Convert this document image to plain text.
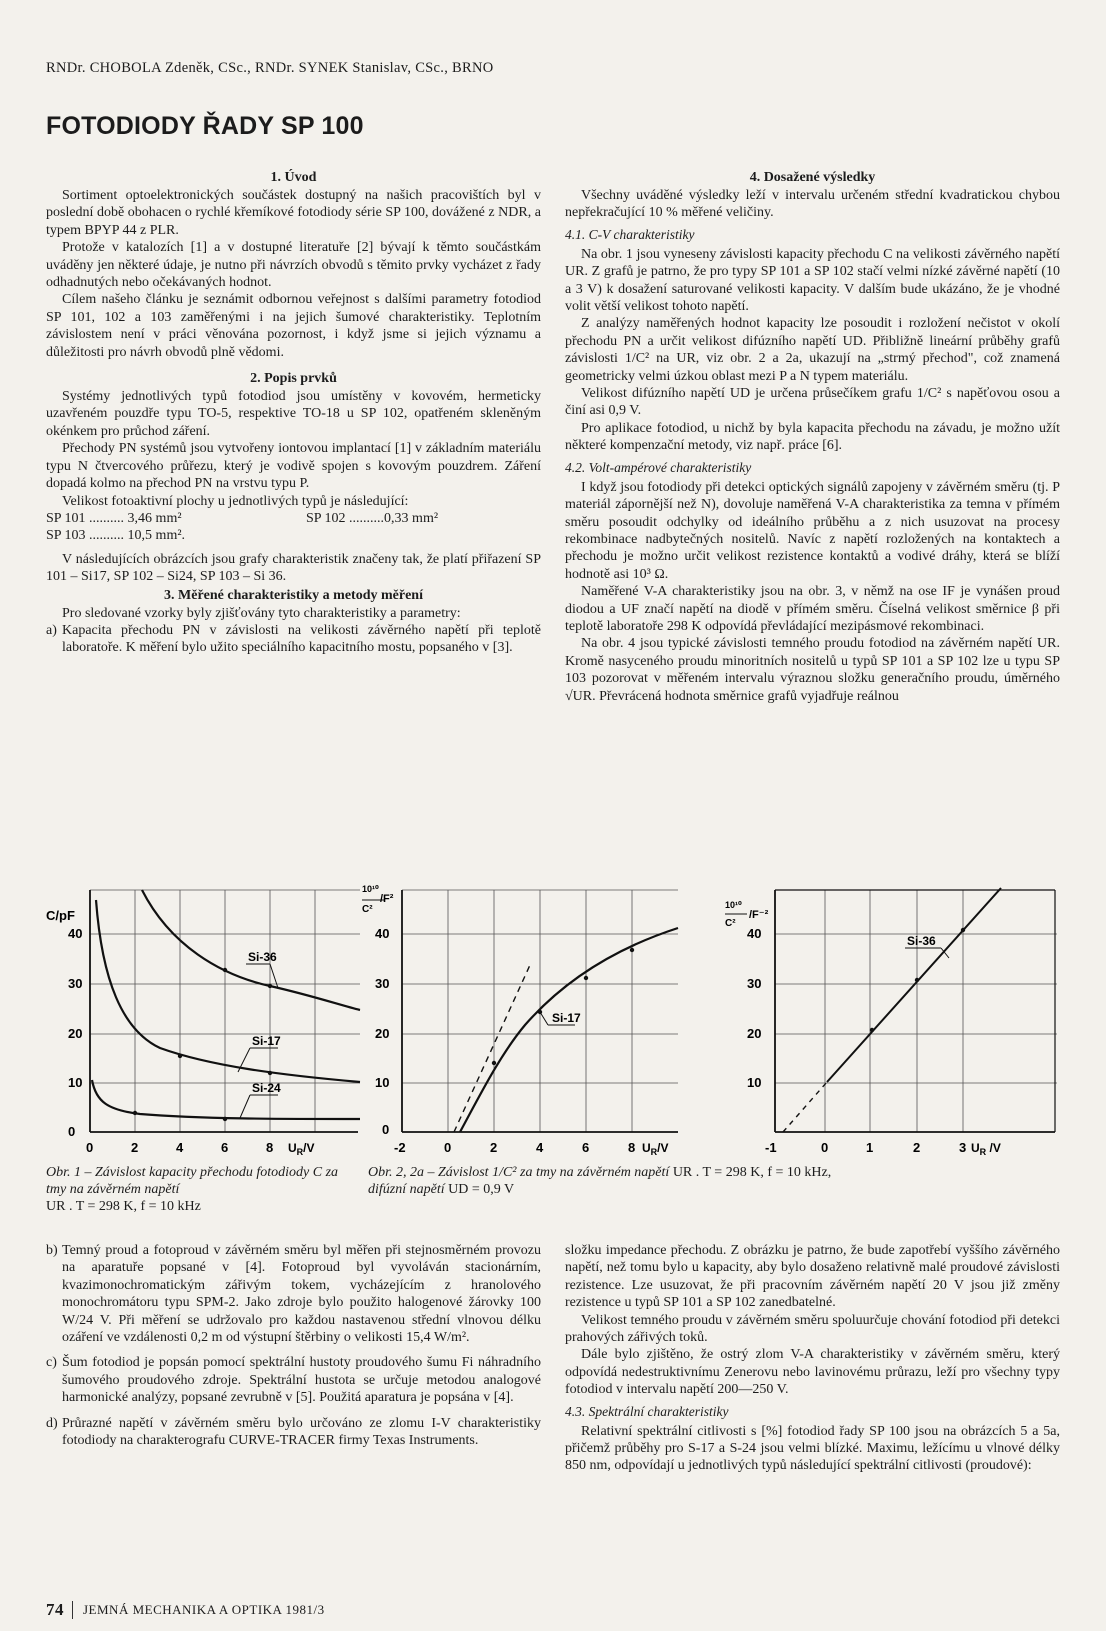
RNDr. CHOBOLA Zdeněk, CSc., RNDr. SYNEK Stanislav, CSc., BRNO
FOTODIODY ŘADY SP 100
1. Úvod

Sortiment optoelektronických součástek dostupný na našich pracovištích byl v poslední době obohacen o rychlé křemíkové fotodiody série SP 100, dovážené z NDR, a typem BPYP 44 z PLR.

Protože v katalozích [1] a v dostupné literatuře [2] bývají k těmto součástkám uváděny jen některé údaje, je nutno při návrzích obvodů s těmito prvky vycházet z řady odhadnutých nebo očekávaných hodnot.

Cílem našeho článku je seznámit odbornou veřejnost s dalšími parametry fotodiod SP 101, 102 a 103 zaměřenými i na jejich šumové charakteristiky. Teplotním závislostem není v práci věnována pozornost, i když jsme si jejich významu a důležitosti pro návrh obvodů plně vědomi.

2. Popis prvků

Systémy jednotlivých typů fotodiod jsou umístěny v kovovém, hermeticky uzavřeném pouzdře typu TO-5, respektive TO-18 u SP 102, opatřeném skleněným okénkem pro průchod záření.

Přechody PN systémů jsou vytvořeny iontovou implantací [1] v základním materiálu typu N čtvercového průřezu, který je vodivě spojen s kovovým pouzdrem. Záření dopadá kolmo na přechod PN na vrstvu typu P.

Velikost fotoaktivní plochy u jednotlivých typů je následující:

SP 101 .......... 3,46 mm²	SP 102 ..........0,33 mm²
SP 103 .......... 10,5 mm².

V následujících obrázcích jsou grafy charakteristik značeny tak, že platí přiřazení SP 101 – Si17, SP 102 – Si24, SP 103 – Si 36.

3. Měřené charakteristiky a metody měření

Pro sledované vzorky byly zjišťovány tyto charakteristiky a parametry:

a) Kapacita přechodu PN v závislosti na velikosti závěrného napětí při teplotě laboratoře. K měření bylo užito speciálního kapacitního mostu, popsaného v [3].

4. Dosažené výsledky

Všechny uváděné výsledky leží v intervalu určeném střední kvadratickou chybou nepřekračující 10 % měřené veličiny.

4.1. C-V charakteristiky

Na obr. 1 jsou vyneseny závislosti kapacity přechodu C na velikosti závěrného napětí UR. Z grafů je patrno, že pro typy SP 101 a SP 102 stačí velmi nízké závěrné napětí (10 a 3 V) k dosažení saturované velikosti kapacity. V dalším bude ukázáno, že je vhodné volit větší velikost tohoto napětí.

Z analýzy naměřených hodnot kapacity lze posoudit i rozložení nečistot v okolí přechodu PN a určit velikost difúzního napětí UD. Přibližně lineární průběhy grafů závislosti 1/C² na UR, viz obr. 2 a 2a, ukazují na „strmý přechod", což znamená geometricky velmi úzkou oblast mezi P a N typem materiálu.

Velikost difúzního napětí UD je určena průsečíkem grafu 1/C² s napěťovou osou a činí asi 0,9 V.

Pro aplikace fotodiod, u nichž by byla kapacita přechodu na závadu, je možno užít některé kompenzační metody, viz např. práce [6].

4.2. Volt-ampérové charakteristiky

I když jsou fotodiody při detekci optických signálů zapojeny v závěrném směru (tj. P materiál zápornější než N), dovoluje naměřená V-A charakteristika za temna v přímém směru posoudit odchylky od ideálního průběhu a z nich usuzovat na procesy rekombinace nadbytečných nositelů. Navíc z napětí rozložených na kontaktech a přechodu je možno určit velikost rezistence kontaktů a vodivé dráhy, která se blíží hodnotě asi 10³ Ω.

Naměřené V-A charakteristiky jsou na obr. 3, v němž na ose IF je vynášen proud diodou a UF značí napětí na diodě v přímém směru. Číselná velikost směrnice β při teplotě laboratoře 298 K odpovídá převládající mezipásmové rekombinaci.

Na obr. 4 jsou typické závislosti temného proudu fotodiod na závěrném napětí UR. Kromě nasyceného proudu minoritních nositelů u typů SP 101 a SP 102 lze u typu SP 103 pozorovat v měřeném intervalu výraznou složku generačního proudu, úměrného √UR. Převrácená hodnota směrnice grafů vyjadřuje reálnou

C/pF
40
30
20
10
0
0	2	4	6	8 $U_R/V$
Si-36
Si-17
Si-24
10¹⁰
C²
/F²
40
30
20
10
0
-2	0	2	4	6	8 $U_R/V$
Si-17
10¹⁰
C²
/F⁻²
40
30
20
10
-1	0	1	2	3 $U_R$ /V
Si-36
Obr. 1 – Závislost kapacity přechodu fotodiody C za tmy na závěrném napětí
UR . T = 298 K, f = 10 kHz
Obr. 2, 2a – Závislost 1/C² za tmy na závěrném napětí UR . T = 298 K, f = 10 kHz,
difúzní napětí UD = 0,9 V

b) Temný proud a fotoproud v závěrném směru byl měřen při stejnosměrném provozu na aparatuře popsané v [4]. Fotoproud byl vyvoláván stacionárním, kvazimonochromatickým zářivým tokem, vycházejícím z hranolového monochromátoru typu SPM-2. Jako zdroje bylo použito halogenové žárovky 100 W/24 V. Při měření se udržovalo pro každou nastavenou střední vlnovou délku ozáření ve vzdálenosti 0,2 m od výstupní štěrbiny o velikosti 15,4 W/m².

c) Šum fotodiod je popsán pomocí spektrální hustoty proudového šumu Fi náhradního šumového proudového zdroje. Spektrální hustota se určuje metodou analogové harmonické analýzy, popsané zevrubně v [5]. Použitá aparatura je popsána v [4].

d) Průrazné napětí v závěrném směru bylo určováno ze zlomu I-V charakteristiky fotodiody na charakterografu CURVE-TRACER firmy Texas Instruments.

složku impedance přechodu. Z obrázku je patrno, že bude zapotřebí vyššího závěrného napětí, než tomu bylo u kapacity, aby bylo dosaženo relativně malé proudové závislosti rezistence. Lze usuzovat, že při pracovním závěrném napětí 20 V jsou již změny rezistence u typů SP 101 a SP 102 zanedbatelné.

Velikost temného proudu v závěrném směru spoluurčuje chování fotodiod při detekci prahových zářivých toků.

Dále bylo zjištěno, že ostrý zlom V-A charakteristiky v závěrném směru, který odpovídá nedestruktivnímu Zenerovu nebo lavinovému průrazu, leží pro všechny typy fotodiod v intervalu napětí 200—250 V.

4.3. Spektrální charakteristiky

Relativní spektrální citlivosti s [%] fotodiod řady SP 100 jsou na obrázcích 5 a 5a, přičemž průběhy pro S-17 a S-24 jsou velmi blízké. Maximu, ležícímu u vlnové délky 850 nm, odpovídají u jednotlivých typů následující spektrální citlivosti (proudové):

74 JEMNÁ MECHANIKA A OPTIKA 1981/3
